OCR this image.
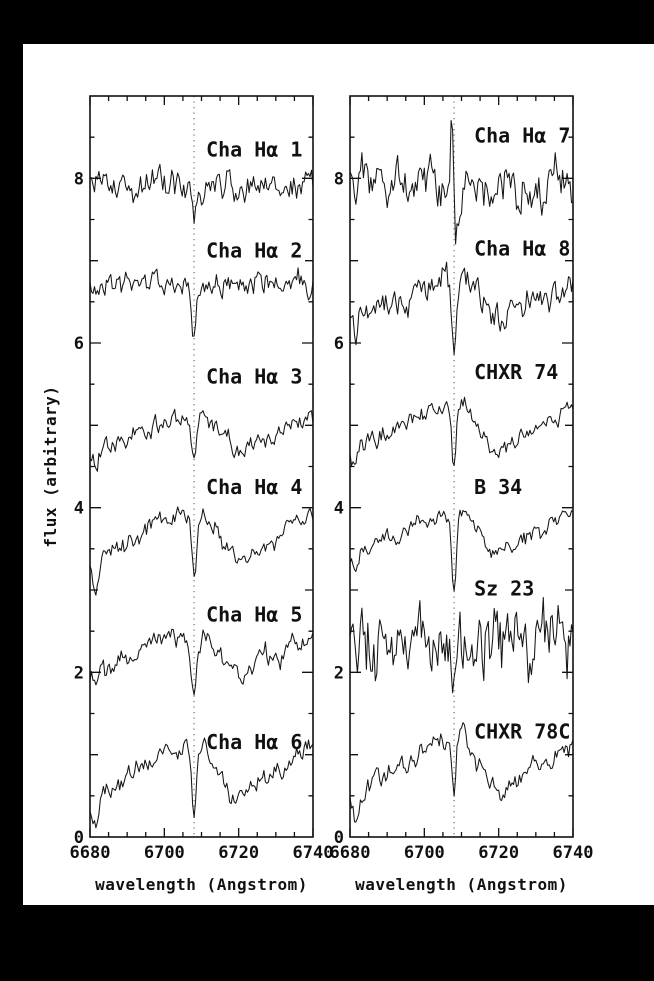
Cha Hα 1
Cha Hα 2
Cha Hα 3
Cha Hα 4
Cha Hα 5
Cha Hα 6
6680 6700 6720 6740
0
2
4
6
8
wavelength (Angstrom)
flux (arbitrary)
Cha Hα 7
Cha Hα 8
CHXR 74
B 34
Sz 23
CHXR 78C
6680 6700 6720 6740
0
2
4
6
8
wavelength (Angstrom)
